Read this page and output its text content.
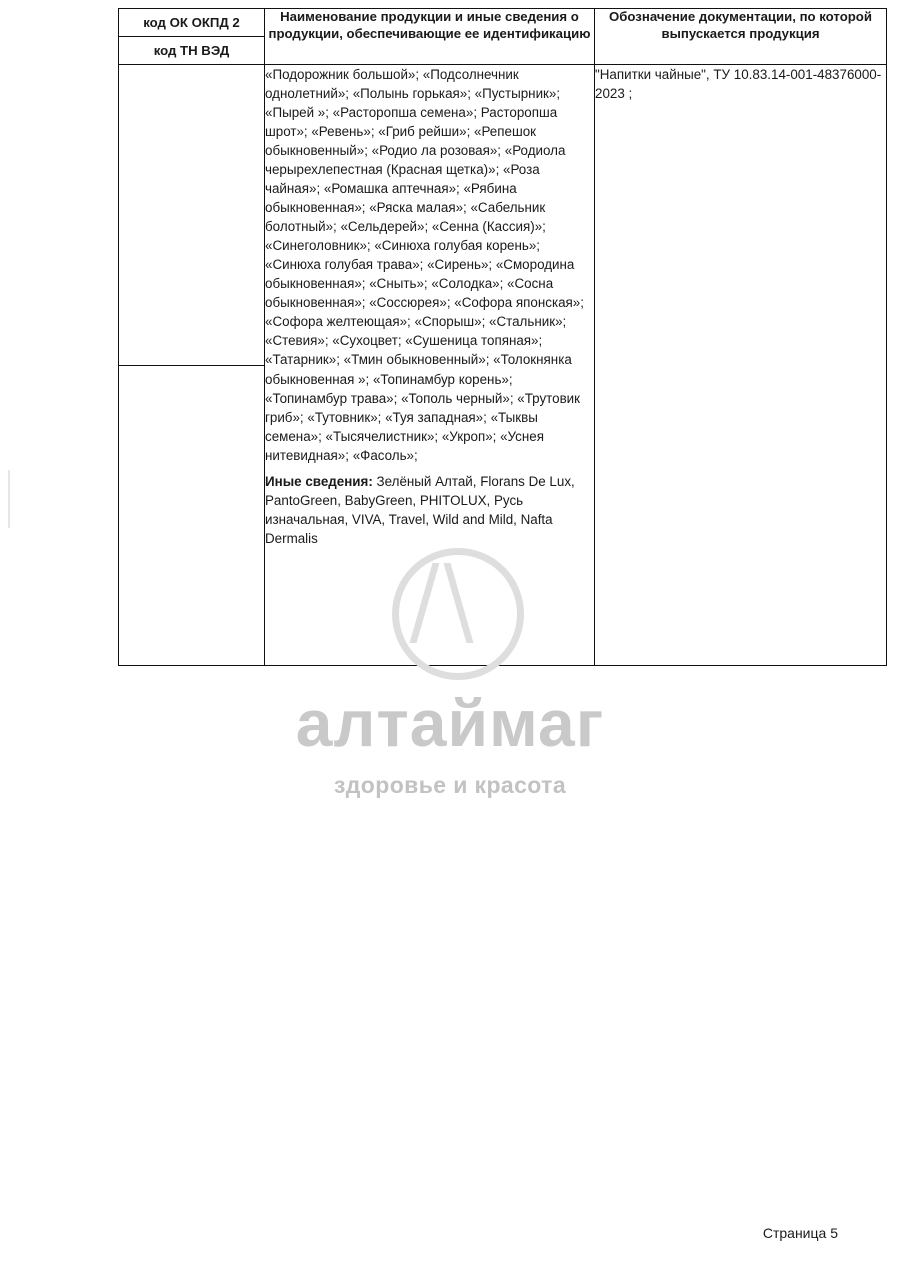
код ОК ОКПД 2
код ТН ВЭД	Наименование продукции и иные сведения о продукции, обеспечивающие ее идентификацию	Обозначение документации, по которой выпускается продукция

	«Подорожник большой»; «Подсолнечник однолетний»; «Полынь горькая»; «Пустырник»; «Пырей »; «Расторопша семена»; Расторопша шрот»; «Ревень»; «Гриб рейши»; «Репешок обыкновенный»; «Родио ла розовая»; «Родиола черырехлепестная (Красная щетка)»; «Роза чайная»; «Ромашка аптечная»; «Рябина обыкновенная»; «Ряска малая»; «Сабельник болотный»; «Сельдерей»; «Сенна (Кассия)»; «Синеголовник»; «Синюха голубая корень»; «Синюха голубая трава»; «Сирень»; «Смородина обыкновенная»; «Сныть»; «Солодка»; «Сосна обыкновенная»; «Соссюрея»; «Софора японская»; «Софора желтеющая»; «Спорыш»; «Стальник»; «Стевия»; «Сухоцвет; «Сушеница топяная»; «Татарник»; «Тмин обыкновенный»; «Толокнянка обыкновенная »; «Топинамбур корень»; «Топинамбур трава»; «Тополь черный»; «Трутовик гриб»; «Тутовник»; «Туя западная»; «Тыквы семена»; «Тысячелистник»; «Укроп»; «Уснея нитевидная»; «Фасоль»;

Иные сведения: Зелёный Алтай, Florans De Lux, PantoGreen, BabyGreen, PHITOLUX, Русь изначальная, VIVA, Travel, Wild and Mild, Nafta Dermalis	"Напитки чайные", ТУ 10.83.14-001-48376000-2023 ;
алтаймаг
здоровье и красота
Страница 5
